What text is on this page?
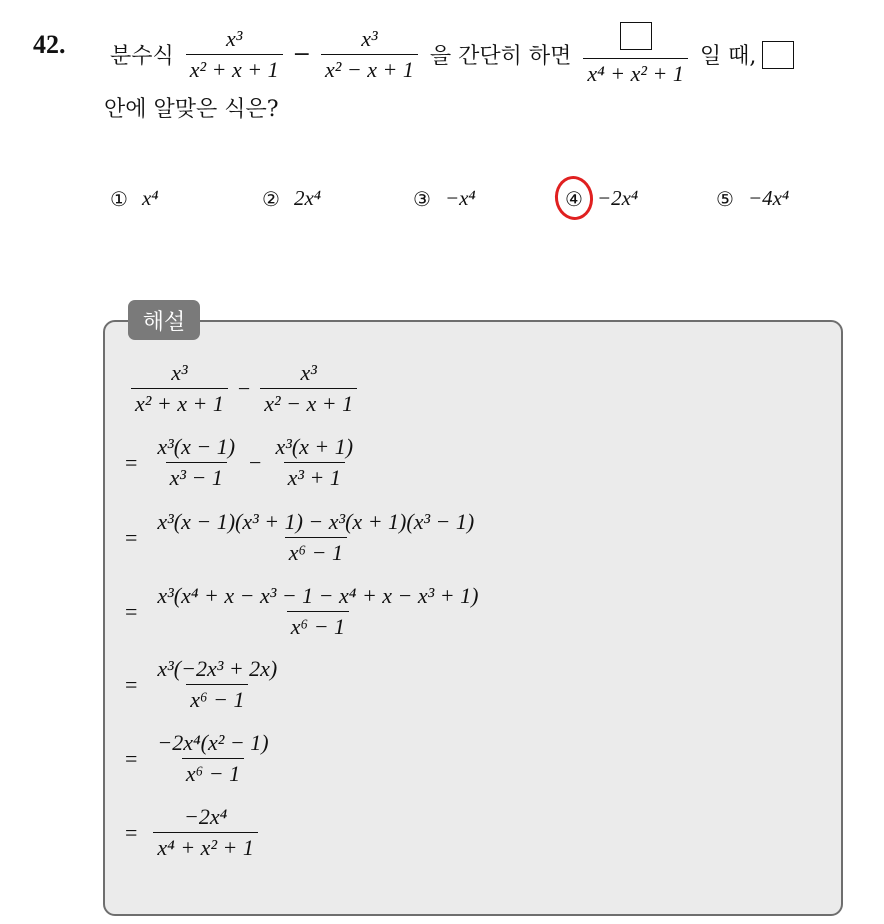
42. 분수식 $\frac{\text{x³}}{\text{x² + x + 1}} - \frac{\text{x³}}{\text{x² − x + 1}}$ 을 간단히 하면
x⁴ + x² + 1
일 때,
안에 알맞은 식은?
① x⁴	② 2x⁴	③ −x⁴	④ −2x⁴	⑤ −4x⁴
해설
$\frac{\text{x³}}{\text{x² + x + 1}} - \frac{\text{x³}}{\text{x² − x + 1}}$
= $\frac{\text{x³(x − 1)}}{\text{x³ − 1}} - \frac{\text{x³(x + 1)}}{\text{x³ + 1}}$
= $\frac{\text{x³(x − 1)(x³ + 1) − x³(x + 1)(x³ − 1)}}{\text{x⁶ − 1}}$
= $\frac{\text{x³(x⁴ + x − x³ − 1 − x⁴ + x − x³ + 1)}}{\text{x⁶ − 1}}$
= $\frac{\text{x³(−2x³ + 2x)}}{\text{x⁶ − 1}}$
= $\frac{\text{−2x⁴(x² − 1)}}{\text{x⁶ − 1}}$
= $\frac{\text{−2x⁴}}{\text{x⁴ + x² + 1}}$
